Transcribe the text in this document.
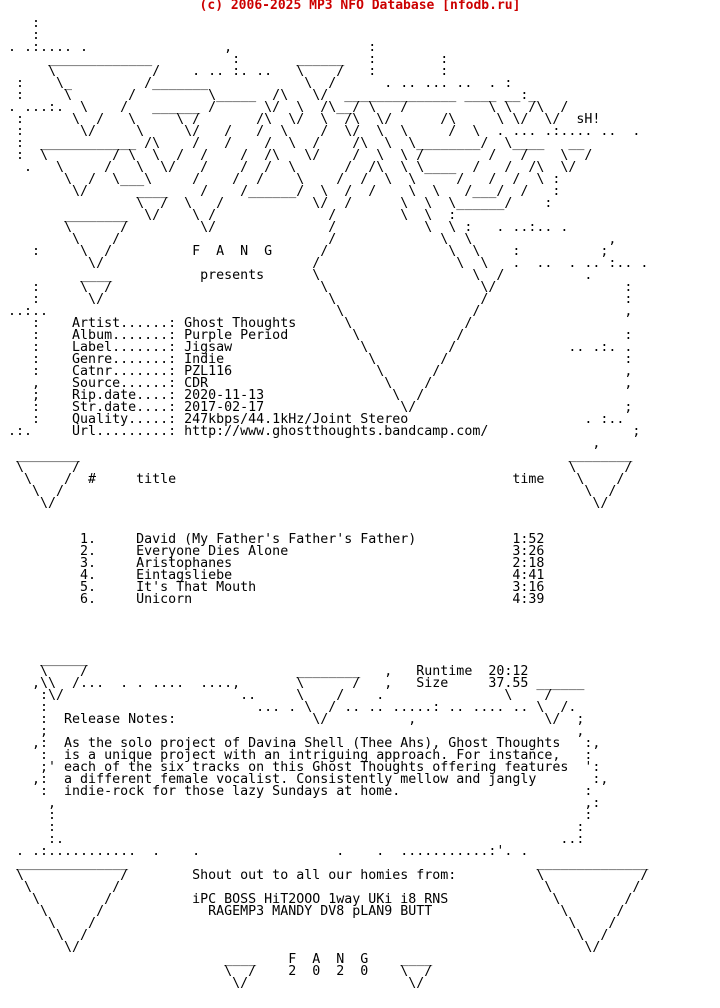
(c) 2006-2025 MP3 NFO Database [nfodb.ru]
:
:
. .:.... .                 ,                 :
_____________          :       ______   :        :
\            /    . .. :. ..   \    /   :        :
:    \_         /_______            \  /      . .. ... ..  . :
:     \       /         \_____  /\   \/  ______________ ____ __:_
. ...:.  \    /   ______ /      \/  \  /\__/ \   /          \ \  /\  /
:      \  /   \     \ /       /\  \/  \  /\  \/      /\     \ \/  \/  sH!
:       \/     \     \/   /   /  \    /  \/  \  \     /  \  . ... .:.... ..  .
:  ____________ /\    /   /    /  \  /    /\  \  \________/  \____   __
:  \        / \  \  /  /    /  /\   \/    /  \  \ /        /   /    \  /
.   \     /   \  \/   /    /  /  \      /  /\  \ \____  /   /  /\  \/
\  /  \___\     /    /  /    \    /  /  \  \     /   /  /  \ :
\/      ____    /    /______/  \  /  /    \  \   /___/  /   :
\  /  \   /           \/  /      \  \  \______/    :
________  \/    \ /              /        \  \  :
\      /         \/              /           \  \ :   . ..:.. .
\    /                          /             \  \                 ,
:     \  /          F  A  N  G      /               \  \    :          ;
\/                          /                 \  \   .  ..  . .. :.. .
____           presents      \                   \  /          .
:     \  /                          \                   \/                :
:      \/                            \                  /                 :
..:..                                    \                /                  ,
:    Artist......: Ghost Thoughts      \              /
:    Album.......: Purple Period        \            /                    :
:    Label.......: Jigsaw                \          /              .. .:. .
:    Genre.......: Indie                  \        /                      :
:    Catnr.......: PZL116                  \      /                       ,
,    Source......: CDR                      \    /                        ,
;    Rip.date....: 2020-11-13                \  /
:    Str.date....: 2017-02-17                 \/                          ;
:    Quality.....: 247kbps/44.1kHz/Joint Stereo                      . :..
.:.     Url.........: http://www.ghostthoughts.bandcamp.com/                  ;
,
________                                                             ________
\      /                                                             \      /
\    /  #     title                                          time    \    /
\  /                                                                 \  /
\/                                                                   \/
1.     David (My Father's Father's Father)            1:52
2.     Everyone Dies Alone                            3:26
3.     Aristophanes                                   2:18
4.     Eintagsliebe                                   4:41
5.     It's That Mouth                                3:16
6.     Unicorn                                        4:39
______
\    /                          ________   ,   Runtime  20:12
,\\  /...  . . ....  ....,       \      /   ,   Size     37.55 ______
:\/                      ..     \    /    .               \    /
:                          ... . \  / .. .. .....: .. .... .. \  /.
:  Release Notes:                 \/          ,                \/  ;
;                                                                  ,
,:  As the solo project of Davina Shell (Thee Ahs), Ghost Thoughts   :,
:  is a unique project with an intriguing approach. For instance,   :
;' each of the six tracks on this Ghost Thoughts offering features  ':
,:  a different female vocalist. Consistently mellow and jangly       :,
:  indie-rock for those lazy Sundays at home.                       :
,                                                                  ,:
:                                                                  :
:                                                                 :
:.                                                              ..:
. .:...........  .    .                 .    .  ...........:'. .
______________                                                   ______________
\            /        Shout out to all our homies from:          \            /
\          /                                                     \          /
\        /          iPC BOSS HiT2OOO 1way UKi i8 RNS             \        /
\      /             RAGEMP3 MANDY DV8 pLAN9 BUTT                \      /
\    /                                                           \    /
\  /                                                             \  /
\/                                                               \/
____    F  A  N  G    ____
\  /    2  0  2  0    \  /
\/                    \/
